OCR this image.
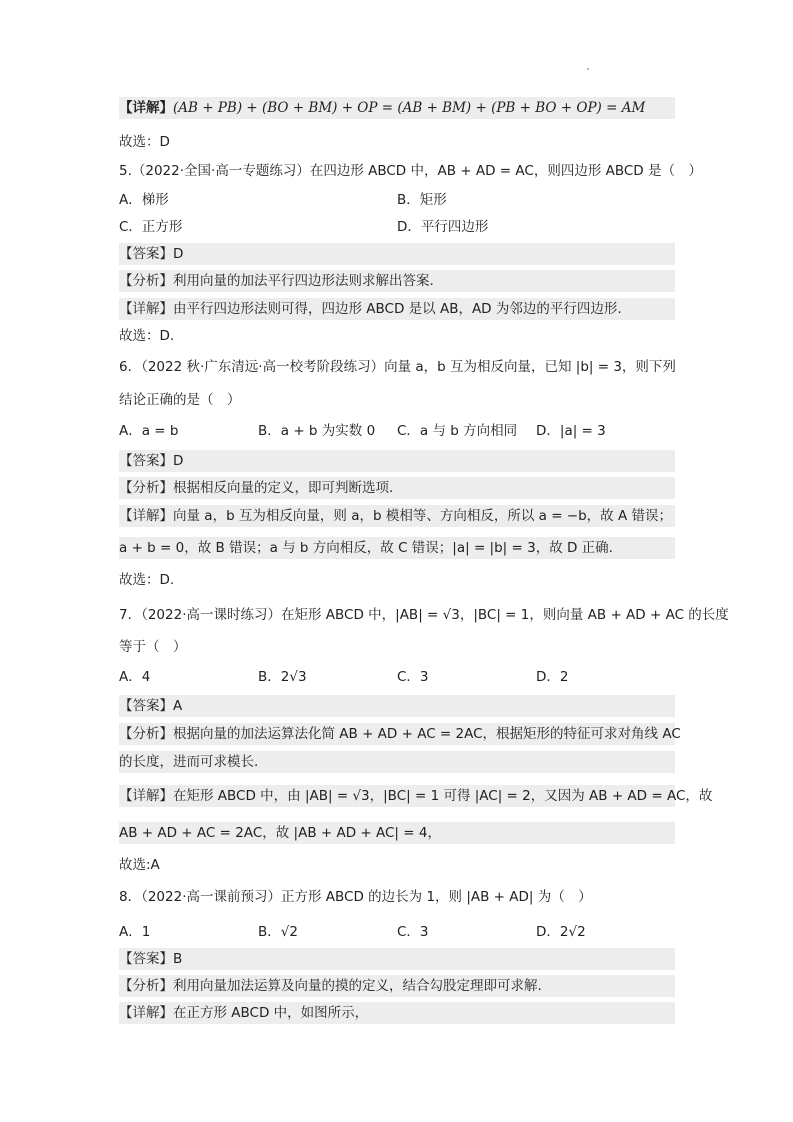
【详解】(AB + PB) + (BO + BM) + OP = (AB + BM) + (PB + BO + OP) = AM
故选：D
5.（2022·全国·高一专题练习）在四边形 ABCD 中，AB + AD = AC，则四边形 ABCD 是（　）
A．梯形	B．矩形
C．正方形	D．平行四边形
【答案】D
【分析】利用向量的加法平行四边形法则求解出答案.
【详解】由平行四边形法则可得，四边形 ABCD 是以 AB，AD 为邻边的平行四边形.
故选：D.
6．（2022 秋·广东清远·高一校考阶段练习）向量 a，b 互为相反向量，已知 |b| = 3，则下列
结论正确的是（　）
A．a = b	B．a + b 为实数 0 C．a 与 b 方向相同 D．|a| = 3
【答案】D
【分析】根据相反向量的定义，即可判断选项.
【详解】向量 a，b 互为相反向量，则 a，b 模相等、方向相反，所以 a = −b，故 A 错误；
a + b = 0，故 B 错误；a 与 b 方向相反，故 C 错误；|a| = |b| = 3，故 D 正确.
故选：D.
7．（2022·高一课时练习）在矩形 ABCD 中，|AB| = √3，|BC| = 1，则向量 AB + AD + AC 的长度
等于（　）
A．4	B．2√3	C．3	D．2
【答案】A
【分析】根据向量的加法运算法化简 AB + AD + AC = 2AC，根据矩形的特征可求对角线 AC
的长度，进而可求模长.
【详解】在矩形 ABCD 中，由 |AB| = √3，|BC| = 1 可得 |AC| = 2，又因为 AB + AD = AC，故
AB + AD + AC = 2AC，故 |AB + AD + AC| = 4，
故选:A
8．（2022·高一课前预习）正方形 ABCD 的边长为 1，则 |AB + AD| 为（　）
A．1	B．√2	C．3	D．2√2
【答案】B
【分析】利用向量加法运算及向量的摸的定义，结合勾股定理即可求解.
【详解】在正方形 ABCD 中，如图所示，
